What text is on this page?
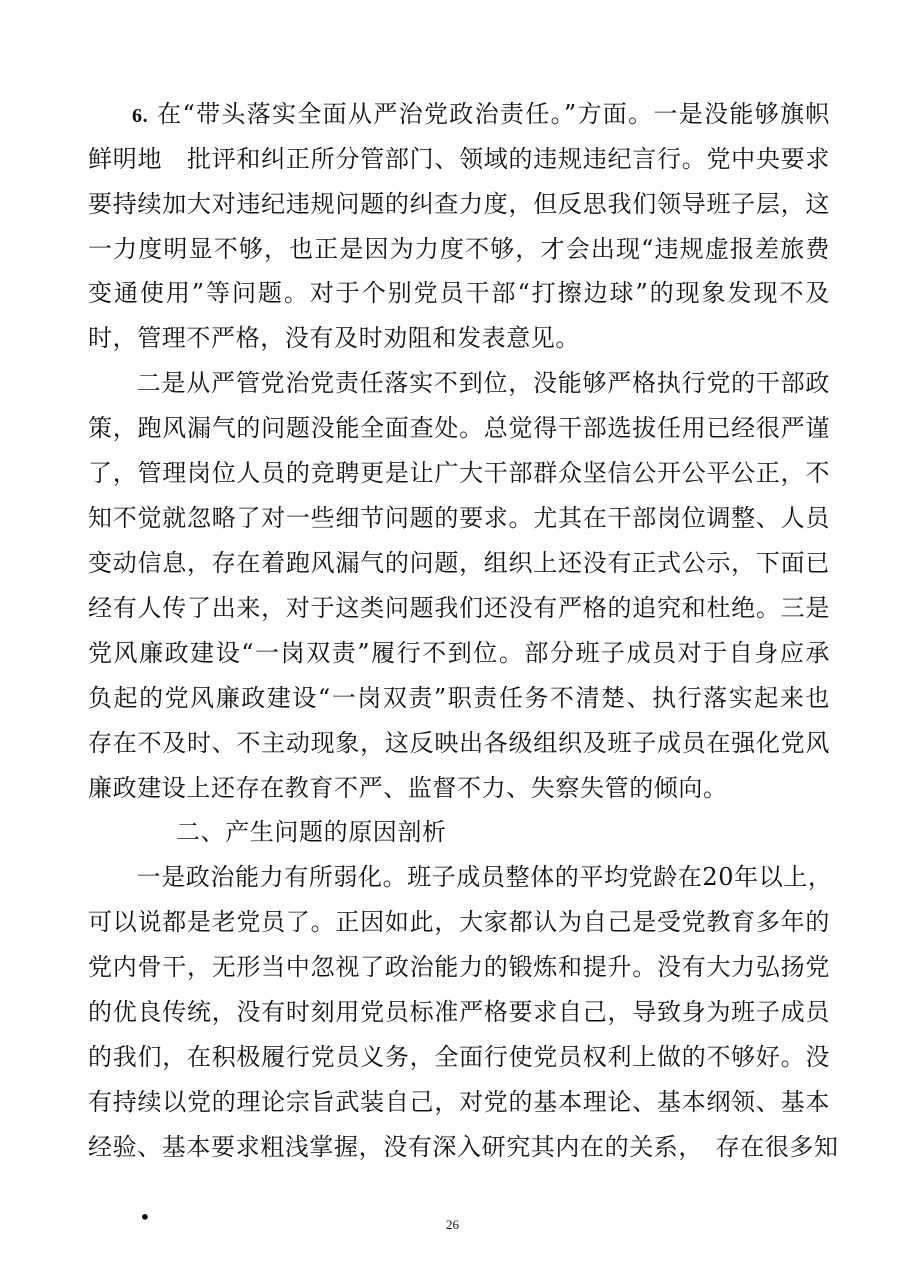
6. 在“带头落实全面从严治党政治责任。”方面。一是没能够旗帜
鲜明地　批评和纠正所分管部门、领域的违规违纪言行。党中央要求
要持续加大对违纪违规问题的纠查力度，但反思我们领导班子层，这
一力度明显不够，也正是因为力度不够，才会出现“违规虚报差旅费
变通使用”等问题。对于个别党员干部“打擦边球”的现象发现不及
时，管理不严格，没有及时劝阻和发表意见。
　二是从严管党治党责任落实不到位，没能够严格执行党的干部政
策，跑风漏气的问题没能全面查处。总觉得干部选拔任用已经很严谨
了，管理岗位人员的竞聘更是让广大干部群众坚信公开公平公正，不
知不觉就忽略了对一些细节问题的要求。尤其在干部岗位调整、人员
变动信息，存在着跑风漏气的问题，组织上还没有正式公示，下面已
经有人传了出来，对于这类问题我们还没有严格的追究和杜绝。三是
党风廉政建设“一岗双责”履行不到位。部分班子成员对于自身应承
负起的党风廉政建设“一岗双责”职责任务不清楚、执行落实起来也
存在不及时、不主动现象，这反映出各级组织及班子成员在强化党风
廉政建设上还存在教育不严、监督不力、失察失管的倾向。
二、产生问题的原因剖析
　一是政治能力有所弱化。班子成员整体的平均党龄在20年以上，
可以说都是老党员了。正因如此，大家都认为自己是受党教育多年的
党内骨干，无形当中忽视了政治能力的锻炼和提升。没有大力弘扬党
的优良传统，没有时刻用党员标准严格要求自己，导致身为班子成员
的我们，在积极履行党员义务，全面行使党员权利上做的不够好。没
有持续以党的理论宗旨武装自己，对党的基本理论、基本纲领、基本
经验、基本要求粗浅掌握，没有深入研究其内在的关系，　存在很多知
•	26
